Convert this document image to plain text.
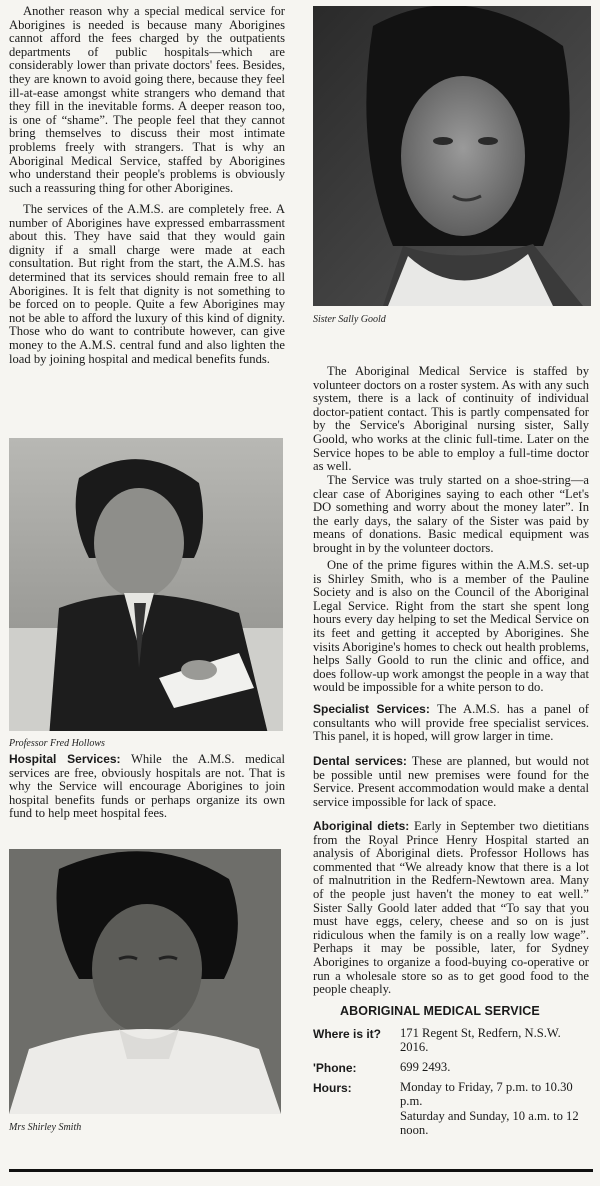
Another reason why a special medical service for Aborigines is needed is because many Aborigines cannot afford the fees charged by the outpatients departments of public hospitals—which are considerably lower than private doctors' fees. Besides, they are known to avoid going there, because they feel ill-at-ease amongst white strangers who demand that they fill in the inevitable forms. A deeper reason too, is one of “shame”. The people feel that they cannot bring themselves to discuss their most intimate problems freely with strangers. That is why an Aboriginal Medical Service, staffed by Aborigines who understand their people's problems is obviously such a reassuring thing for other Aborigines.

The services of the A.M.S. are completely free. A number of Aborigines have expressed embarrassment about this. They have said that they would gain dignity if a small charge were made at each consultation. But right from the start, the A.M.S. has determined that its services should remain free to all Aborigines. It is felt that dignity is not something to be forced on to people. Quite a few Aborigines may not be able to afford the luxury of this kind of dignity. Those who do want to contribute however, can give money to the A.M.S. central fund and also lighten the load by joining hospital and medical benefits funds.

Sister Sally Goold

Professor Fred Hollows

Hospital Services: While the A.M.S. medical services are free, obviously hospitals are not. That is why the Service will encourage Aborigines to join hospital benefits funds or perhaps organize its own fund to help meet hospital fees.

Mrs Shirley Smith

The Aboriginal Medical Service is staffed by volunteer doctors on a roster system. As with any such system, there is a lack of continuity of individual doctor-patient contact. This is partly compensated for by the Service's Aboriginal nursing sister, Sally Goold, who works at the clinic full-time. Later on the Service hopes to be able to employ a full-time doctor as well.

The Service was truly started on a shoe-string—a clear case of Aborigines saying to each other “Let's DO something and worry about the money later”. In the early days, the salary of the Sister was paid by means of donations. Basic medical equipment was brought in by the volunteer doctors.

One of the prime figures within the A.M.S. set-up is Shirley Smith, who is a member of the Pauline Society and is also on the Council of the Aboriginal Legal Service. Right from the start she spent long hours every day helping to set the Medical Service on its feet and getting it accepted by Aborigines. She visits Aborigine's homes to check out health problems, helps Sally Goold to run the clinic and office, and does follow-up work amongst the people in a way that would be impossible for a white person to do.

Specialist Services: The A.M.S. has a panel of consultants who will provide free specialist services. This panel, it is hoped, will grow larger in time.

Dental services: These are planned, but would not be possible until new premises were found for the Service. Present accommodation would make a dental service impossible for lack of space.

Aboriginal diets: Early in September two dietitians from the Royal Prince Henry Hospital started an analysis of Aboriginal diets. Professor Hollows has commented that “We already know that there is a lot of malnutrition in the Redfern-Newtown area. Many of the people just haven't the money to eat well.” Sister Sally Goold later added that “To say that you must have eggs, celery, cheese and so on is just ridiculous when the family is on a really low wage”. Perhaps it may be possible, later, for Sydney Aborigines to organize a food-buying co-operative or run a wholesale store so as to get good food to the people cheaply.

ABORIGINAL MEDICAL SERVICE
Where is it? 171 Regent St, Redfern, N.S.W. 2016.
'Phone:	699 2493.
Hours:	Monday to Friday, 7 p.m. to 10.30 p.m.
Saturday and Sunday, 10 a.m. to 12 noon.
